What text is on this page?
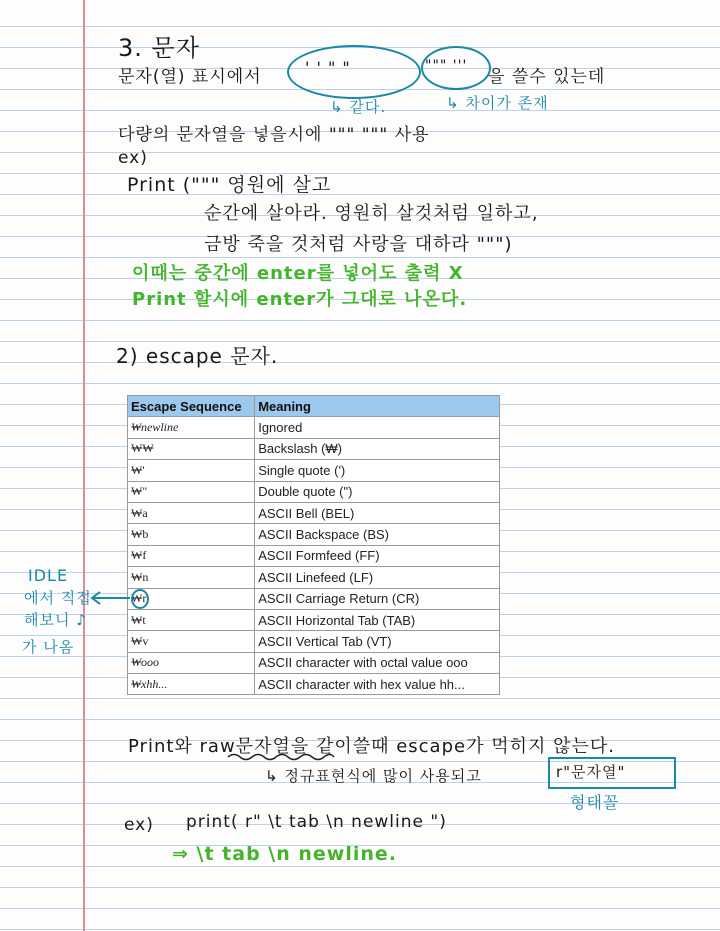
3. 문자
문자(열) 표시에서	' ' " "	""" '''
을 쓸수 있는데
↳ 같다.	↳ 차이가 존재
다량의 문자열을 넣을시에 """ """ 사용
ex)
Print (""" 영원에 살고
순간에 살아라. 영원히 살것처럼 일하고,
금방 죽을 것처럼 사랑을 대하라 """)
이때는 중간에 enter를 넣어도 출력 X
Print 할시에 enter가 그대로 나온다.
2) escape 문자.
Escape Sequence	Meaning
₩newline	Ignored
₩₩	Backslash (₩)
₩'	Single quote (')
₩"	Double quote (")
₩a	ASCII Bell (BEL)
₩b	ASCII Backspace (BS)
₩f	ASCII Formfeed (FF)
₩n	ASCII Linefeed (LF)
₩r	ASCII Carriage Return (CR)
₩t	ASCII Horizontal Tab (TAB)
₩v	ASCII Vertical Tab (VT)
₩ooo	ASCII character with octal value ooo
₩xhh...	ASCII character with hex value hh...
IDLE
에서 직접
해보니 ♪
가 나옴
Print와 raw문자열을 같이쓸때 escape가 먹히지 않는다.
↳ 정규표현식에 많이 사용되고	r"문자열"
형태꼴
ex) print( r" \t tab \n newline ")
⇒ \t tab \n newline.
